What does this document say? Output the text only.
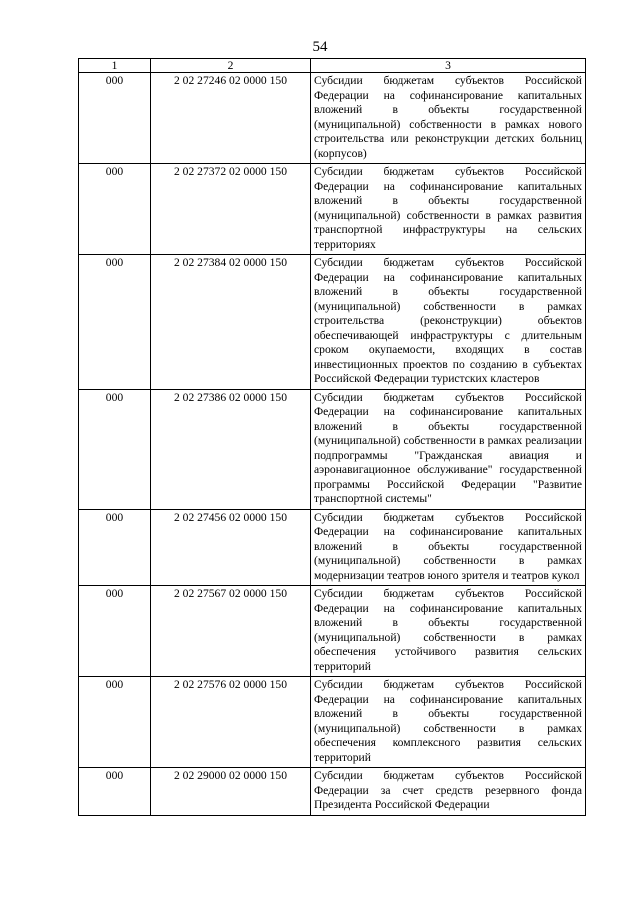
54
1	2	3
000	2 02 27246 02 0000 150	Субсидии бюджетам субъектов Российской Федерации на софинансирование капитальных вложений в объекты государственной (муниципальной) собственности в рамках нового строительства или реконструкции детских больниц (корпусов)
000	2 02 27372 02 0000 150	Субсидии бюджетам субъектов Российской Федерации на софинансирование капитальных вложений в объекты государственной (муниципальной) собственности в рамках развития транспортной инфраструктуры на сельских территориях
000	2 02 27384 02 0000 150	Субсидии бюджетам субъектов Российской Федерации на софинансирование капитальных вложений в объекты государственной (муниципальной) собственности в рамках строительства (реконструкции) объектов обеспечивающей инфраструктуры с длительным сроком окупаемости, входящих в состав инвестиционных проектов по созданию в субъектах Российской Федерации туристских кластеров
000	2 02 27386 02 0000 150	Субсидии бюджетам субъектов Российской Федерации на софинансирование капитальных вложений в объекты государственной (муниципальной) собственности в рамках реализации подпрограммы "Гражданская авиация и аэронавигационное обслуживание" государственной программы Российской Федерации "Развитие транспортной системы"
000	2 02 27456 02 0000 150	Субсидии бюджетам субъектов Российской Федерации на софинансирование капитальных вложений в объекты государственной (муниципальной) собственности в рамках модернизации театров юного зрителя и театров кукол
000	2 02 27567 02 0000 150	Субсидии бюджетам субъектов Российской Федерации на софинансирование капитальных вложений в объекты государственной (муниципальной) собственности в рамках обеспечения устойчивого развития сельских территорий
000	2 02 27576 02 0000 150	Субсидии бюджетам субъектов Российской Федерации на софинансирование капитальных вложений в объекты государственной (муниципальной) собственности в рамках обеспечения комплексного развития сельских территорий
000	2 02 29000 02 0000 150	Субсидии бюджетам субъектов Российской Федерации за счет средств резервного фонда Президента Российской Федерации
